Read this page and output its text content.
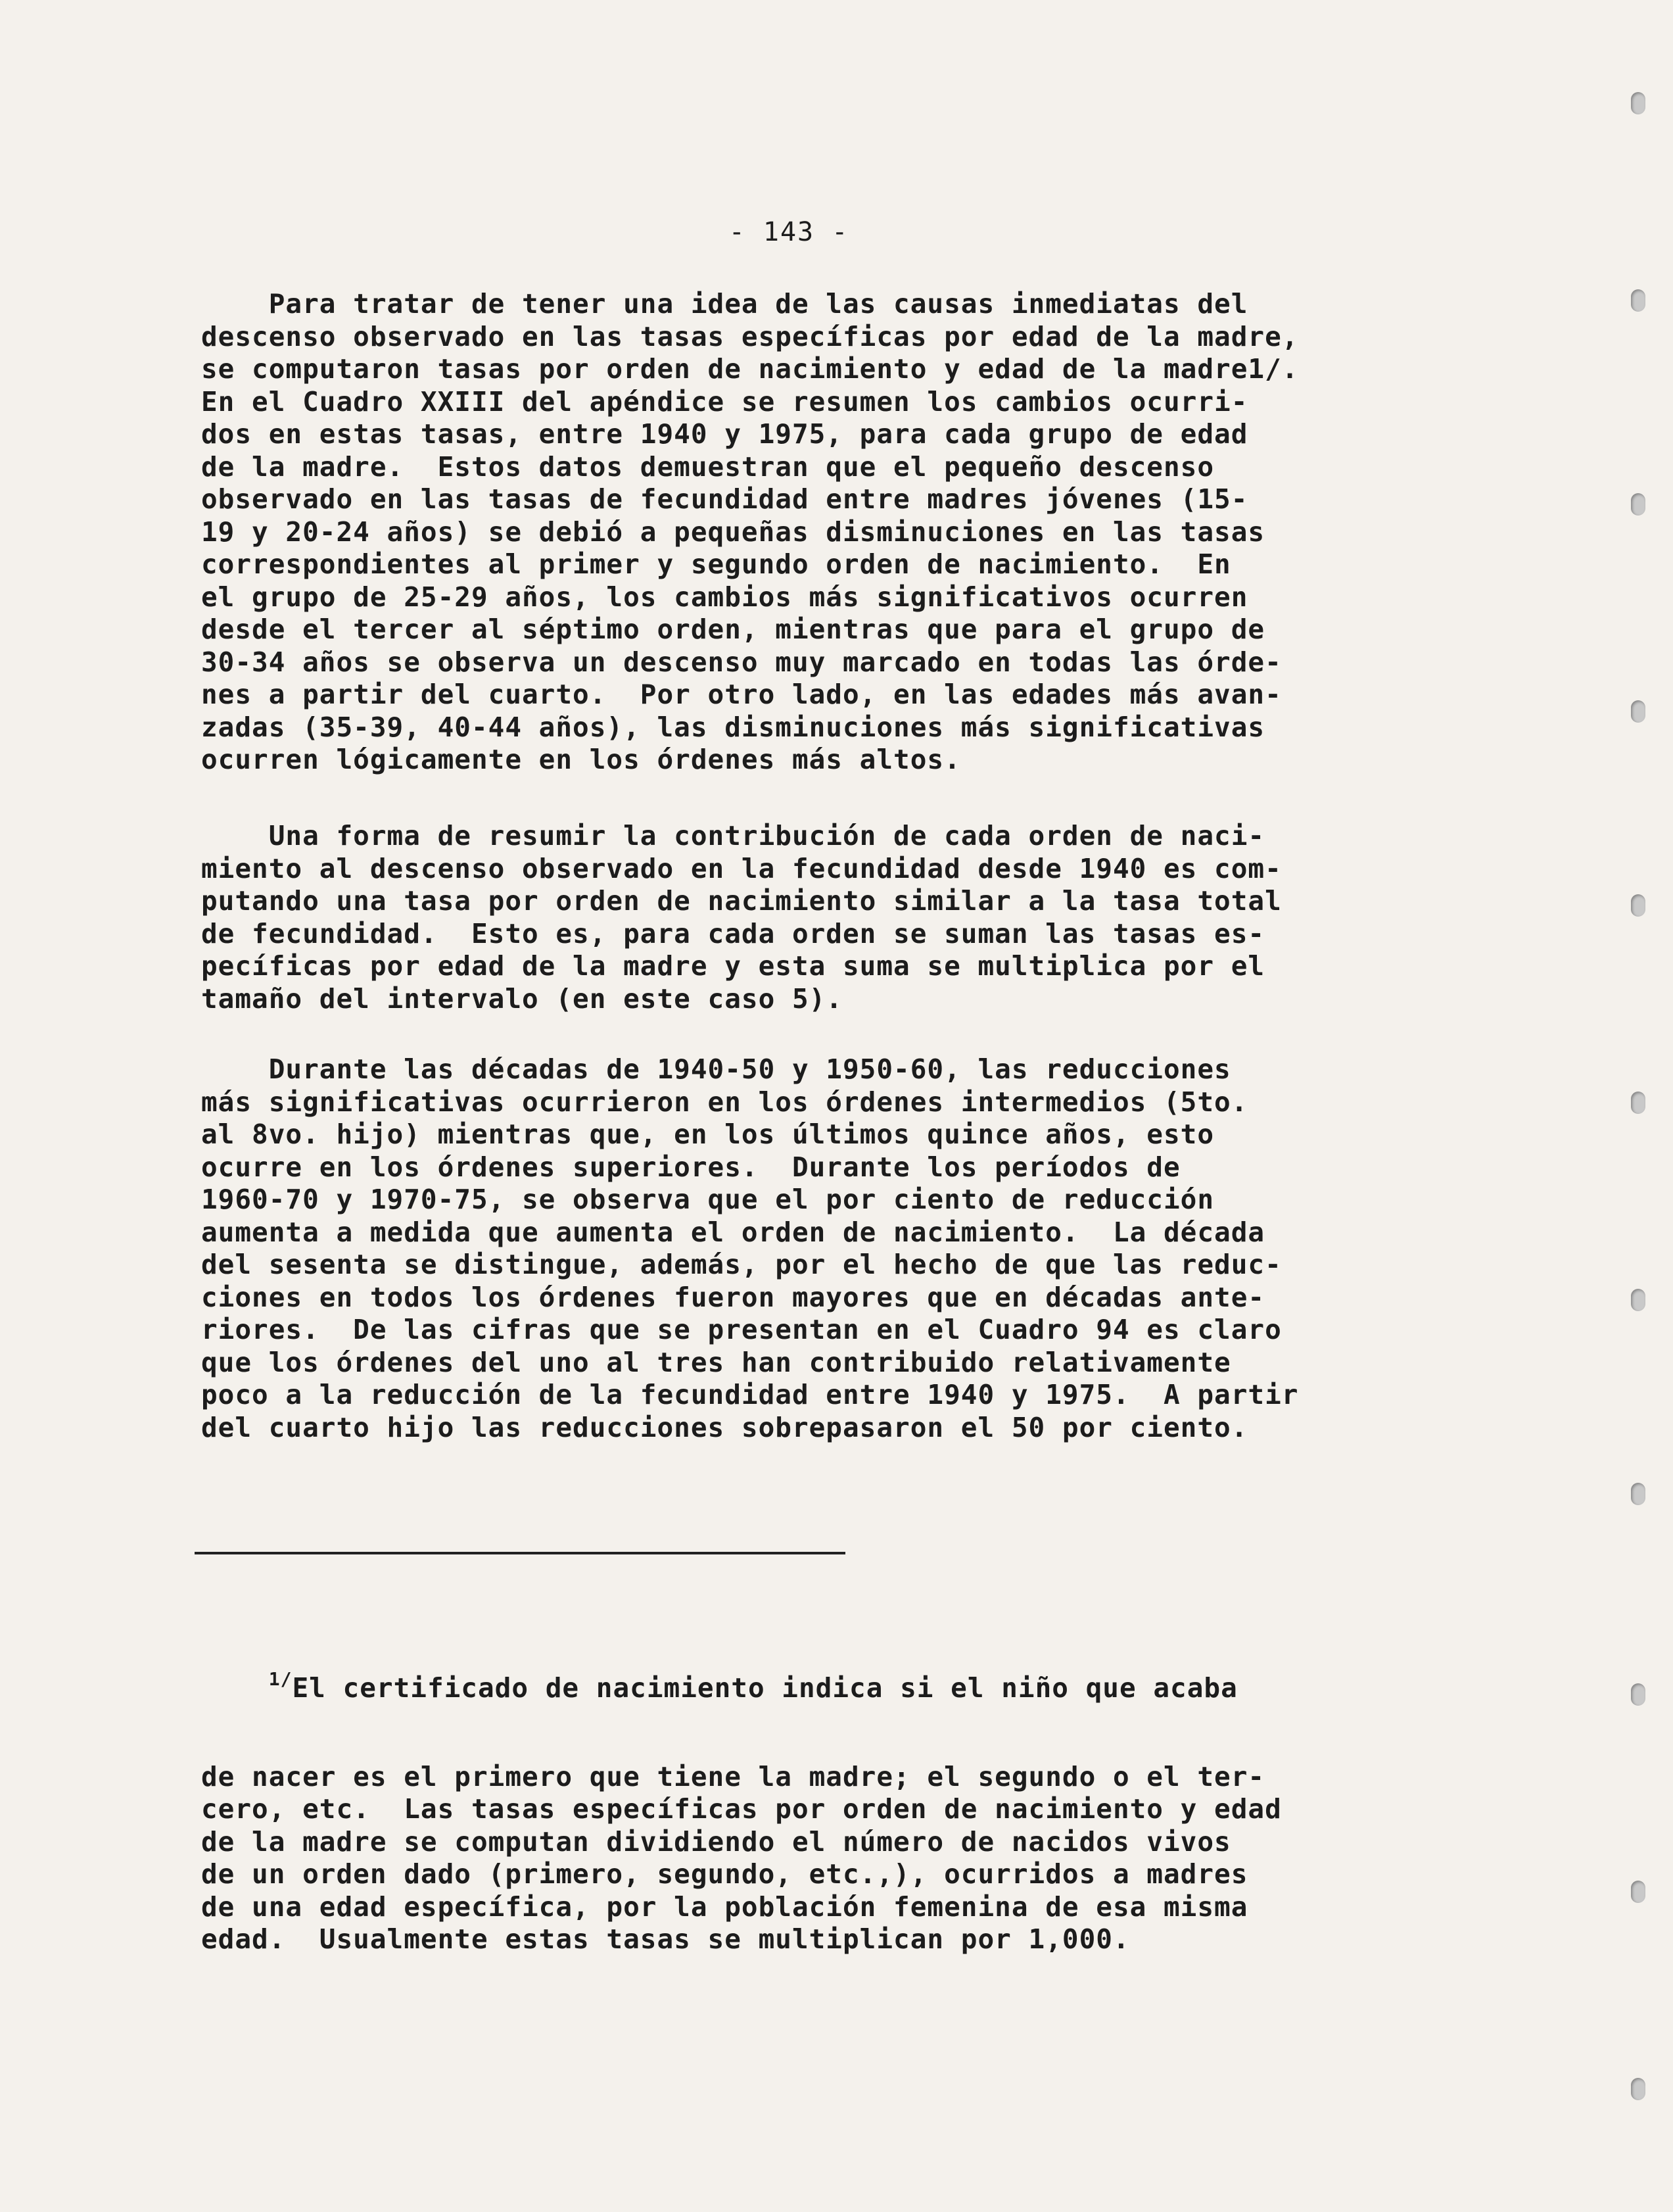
- 143 -
Para tratar de tener una idea de las causas inmediatas del
descenso observado en las tasas específicas por edad de la madre,
se computaron tasas por orden de nacimiento y edad de la madre1/.
En el Cuadro XXIII del apéndice se resumen los cambios ocurri-
dos en estas tasas, entre 1940 y 1975, para cada grupo de edad
de la madre.  Estos datos demuestran que el pequeño descenso
observado en las tasas de fecundidad entre madres jóvenes (15-
19 y 20-24 años) se debió a pequeñas disminuciones en las tasas
correspondientes al primer y segundo orden de nacimiento.  En
el grupo de 25-29 años, los cambios más significativos ocurren
desde el tercer al séptimo orden, mientras que para el grupo de
30-34 años se observa un descenso muy marcado en todas las órde-
nes a partir del cuarto.  Por otro lado, en las edades más avan-
zadas (35-39, 40-44 años), las disminuciones más significativas
ocurren lógicamente en los órdenes más altos.
Una forma de resumir la contribución de cada orden de naci-
miento al descenso observado en la fecundidad desde 1940 es com-
putando una tasa por orden de nacimiento similar a la tasa total
de fecundidad.  Esto es, para cada orden se suman las tasas es-
pecíficas por edad de la madre y esta suma se multiplica por el
tamaño del intervalo (en este caso 5).
Durante las décadas de 1940-50 y 1950-60, las reducciones
más significativas ocurrieron en los órdenes intermedios (5to.
al 8vo. hijo) mientras que, en los últimos quince años, esto
ocurre en los órdenes superiores.  Durante los períodos de
1960-70 y 1970-75, se observa que el por ciento de reducción
aumenta a medida que aumenta el orden de nacimiento.  La década
del sesenta se distingue, además, por el hecho de que las reduc-
ciones en todos los órdenes fueron mayores que en décadas ante-
riores.  De las cifras que se presentan en el Cuadro 94 es claro
que los órdenes del uno al tres han contribuido relativamente
poco a la reducción de la fecundidad entre 1940 y 1975.  A partir
del cuarto hijo las reducciones sobrepasaron el 50 por ciento.

$^{1/}$El certificado de nacimiento indica si el niño que acaba

de nacer es el primero que tiene la madre; el segundo o el ter-
cero, etc.  Las tasas específicas por orden de nacimiento y edad
de la madre se computan dividiendo el número de nacidos vivos
de un orden dado (primero, segundo, etc.,), ocurridos a madres
de una edad específica, por la población femenina de esa misma
edad.  Usualmente estas tasas se multiplican por 1,000.
